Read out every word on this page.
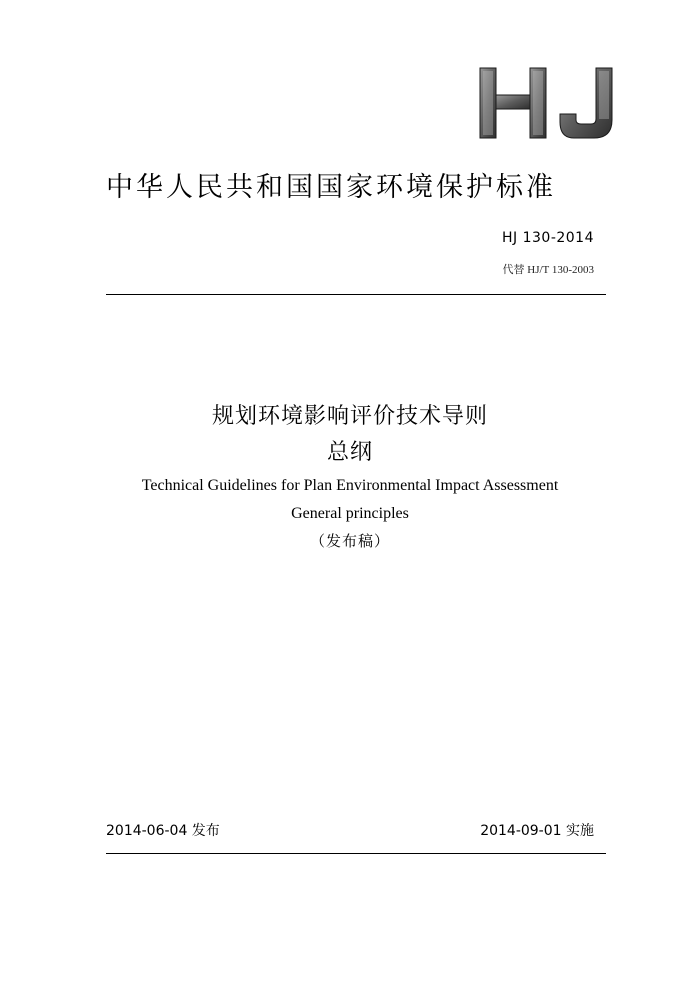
中华人民共和国国家环境保护标准
HJ 130-2014
代替 HJ/T 130-2003
规划环境影响评价技术导则
总纲
Technical Guidelines for Plan Environmental Impact Assessment
General principles
（发布稿）
2014-06-04 发布	2014-09-01 实施
